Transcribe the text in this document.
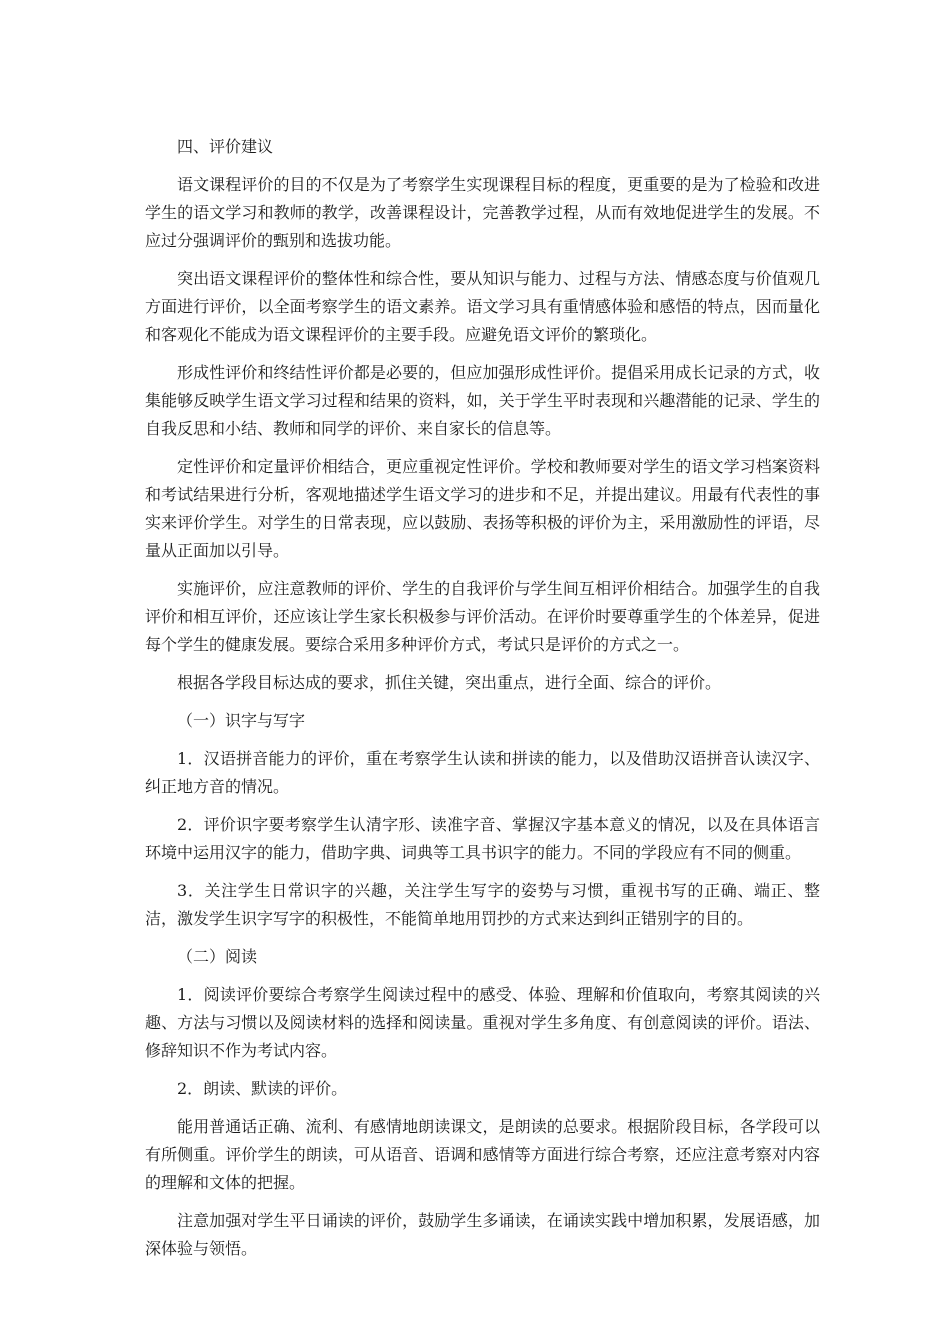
四、评价建议

语文课程评价的目的不仅是为了考察学生实现课程目标的程度，更重要的是为了检验和改进学生的语文学习和教师的教学，改善课程设计，完善教学过程，从而有效地促进学生的发展。不应过分强调评价的甄别和选拔功能。

突出语文课程评价的整体性和综合性，要从知识与能力、过程与方法、情感态度与价值观几方面进行评价，以全面考察学生的语文素养。语文学习具有重情感体验和感悟的特点，因而量化和客观化不能成为语文课程评价的主要手段。应避免语文评价的繁琐化。

形成性评价和终结性评价都是必要的，但应加强形成性评价。提倡采用成长记录的方式，收集能够反映学生语文学习过程和结果的资料，如，关于学生平时表现和兴趣潜能的记录、学生的自我反思和小结、教师和同学的评价、来自家长的信息等。

定性评价和定量评价相结合，更应重视定性评价。学校和教师要对学生的语文学习档案资料和考试结果进行分析，客观地描述学生语文学习的进步和不足，并提出建议。用最有代表性的事实来评价学生。对学生的日常表现，应以鼓励、表扬等积极的评价为主，采用激励性的评语，尽量从正面加以引导。

实施评价，应注意教师的评价、学生的自我评价与学生间互相评价相结合。加强学生的自我评价和相互评价，还应该让学生家长积极参与评价活动。在评价时要尊重学生的个体差异，促进每个学生的健康发展。要综合采用多种评价方式，考试只是评价的方式之一。

根据各学段目标达成的要求，抓住关键，突出重点，进行全面、综合的评价。

（一）识字与写字

1．汉语拼音能力的评价，重在考察学生认读和拼读的能力，以及借助汉语拼音认读汉字、纠正地方音的情况。

2．评价识字要考察学生认清字形、读准字音、掌握汉字基本意义的情况，以及在具体语言环境中运用汉字的能力，借助字典、词典等工具书识字的能力。不同的学段应有不同的侧重。

3．关注学生日常识字的兴趣，关注学生写字的姿势与习惯，重视书写的正确、端正、整洁，激发学生识字写字的积极性，不能简单地用罚抄的方式来达到纠正错别字的目的。

（二）阅读

1．阅读评价要综合考察学生阅读过程中的感受、体验、理解和价值取向，考察其阅读的兴趣、方法与习惯以及阅读材料的选择和阅读量。重视对学生多角度、有创意阅读的评价。语法、修辞知识不作为考试内容。

2．朗读、默读的评价。

能用普通话正确、流利、有感情地朗读课文，是朗读的总要求。根据阶段目标，各学段可以有所侧重。评价学生的朗读，可从语音、语调和感情等方面进行综合考察，还应注意考察对内容的理解和文体的把握。

注意加强对学生平日诵读的评价，鼓励学生多诵读，在诵读实践中增加积累，发展语感，加深体验与领悟。
